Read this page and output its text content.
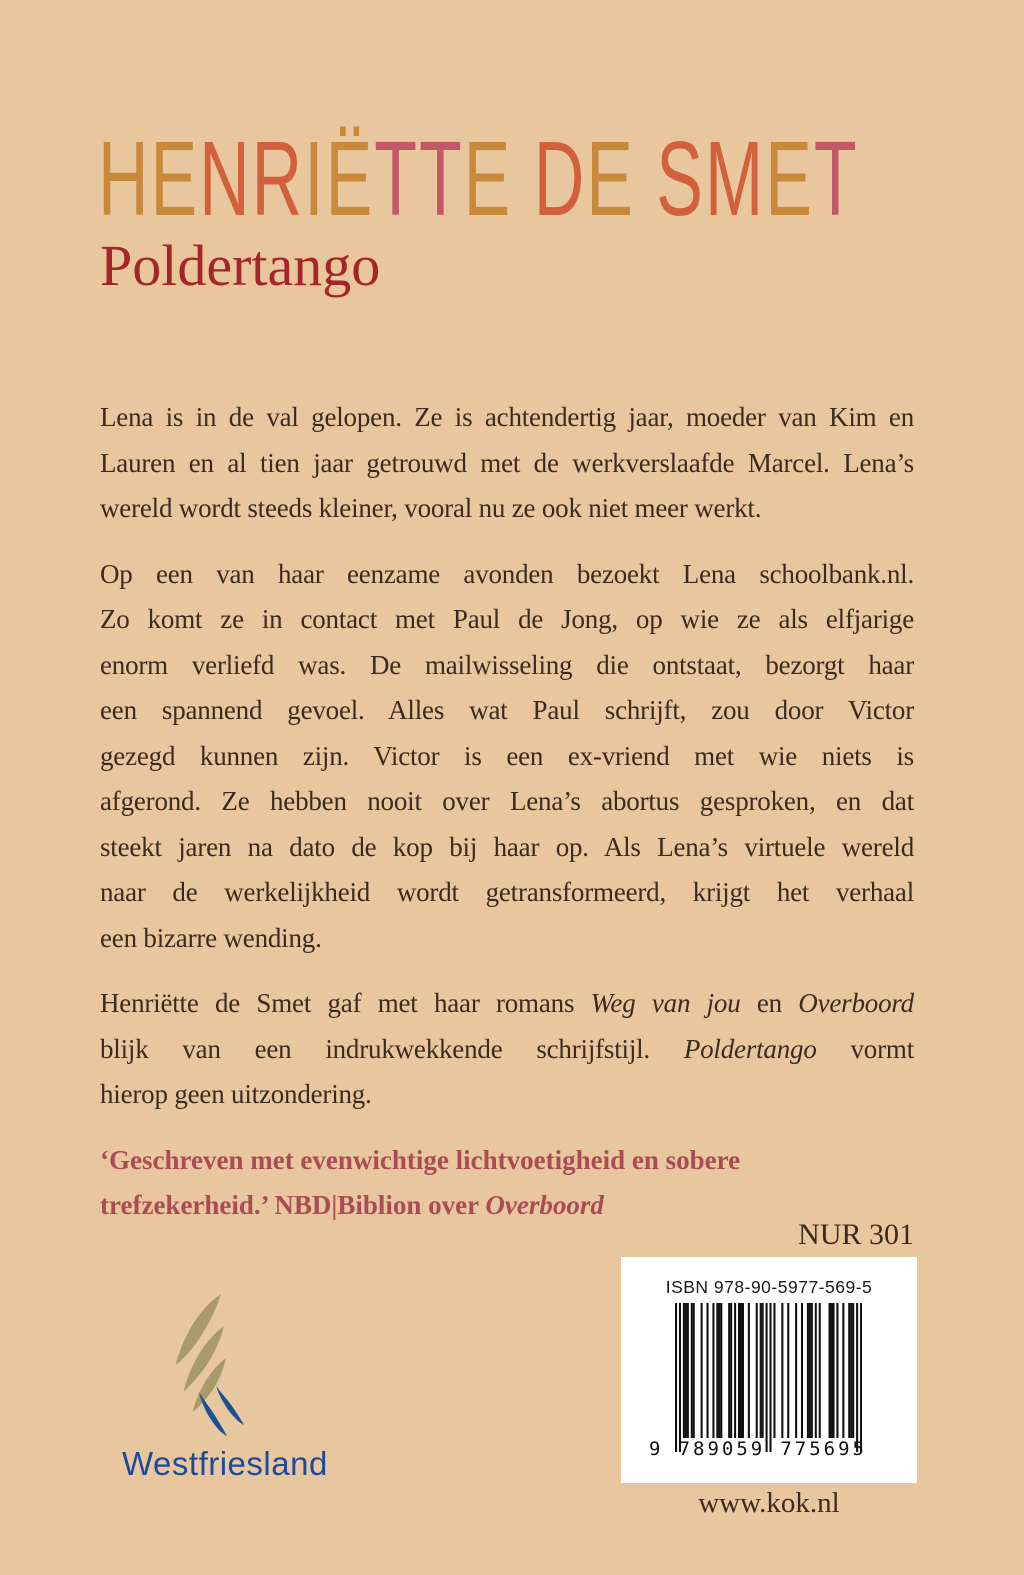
HENRIËTTE DE SMET
Poldertango
Lena is in de val gelopen. Ze is achtendertig jaar, moeder van Kim en
Lauren en al tien jaar getrouwd met de werkverslaafde Marcel. Lena’s
wereld wordt steeds kleiner, vooral nu ze ook niet meer werkt.
Op een van haar eenzame avonden bezoekt Lena schoolbank.nl.
Zo komt ze in contact met Paul de Jong, op wie ze als elfjarige
enorm verliefd was. De mailwisseling die ontstaat, bezorgt haar
een spannend gevoel. Alles wat Paul schrijft, zou door Victor
gezegd kunnen zijn. Victor is een ex-vriend met wie niets is
afgerond. Ze hebben nooit over Lena’s abortus gesproken, en dat
steekt jaren na dato de kop bij haar op. Als Lena’s virtuele wereld
naar de werkelijkheid wordt getransformeerd, krijgt het verhaal
een bizarre wending.
Henriëtte de Smet gaf met haar romans Weg van jou en Overboord
blijk van een indrukwekkende schrijfstijl. Poldertango vormt
hierop geen uitzondering.
‘Geschreven met evenwichtige lichtvoetigheid en sobere
trefzekerheid.’ NBD|Biblion over Overboord
NUR 301
Westfriesland
ISBN 978-90-5977-569-5
9 789059 775695
www.kok.nl
